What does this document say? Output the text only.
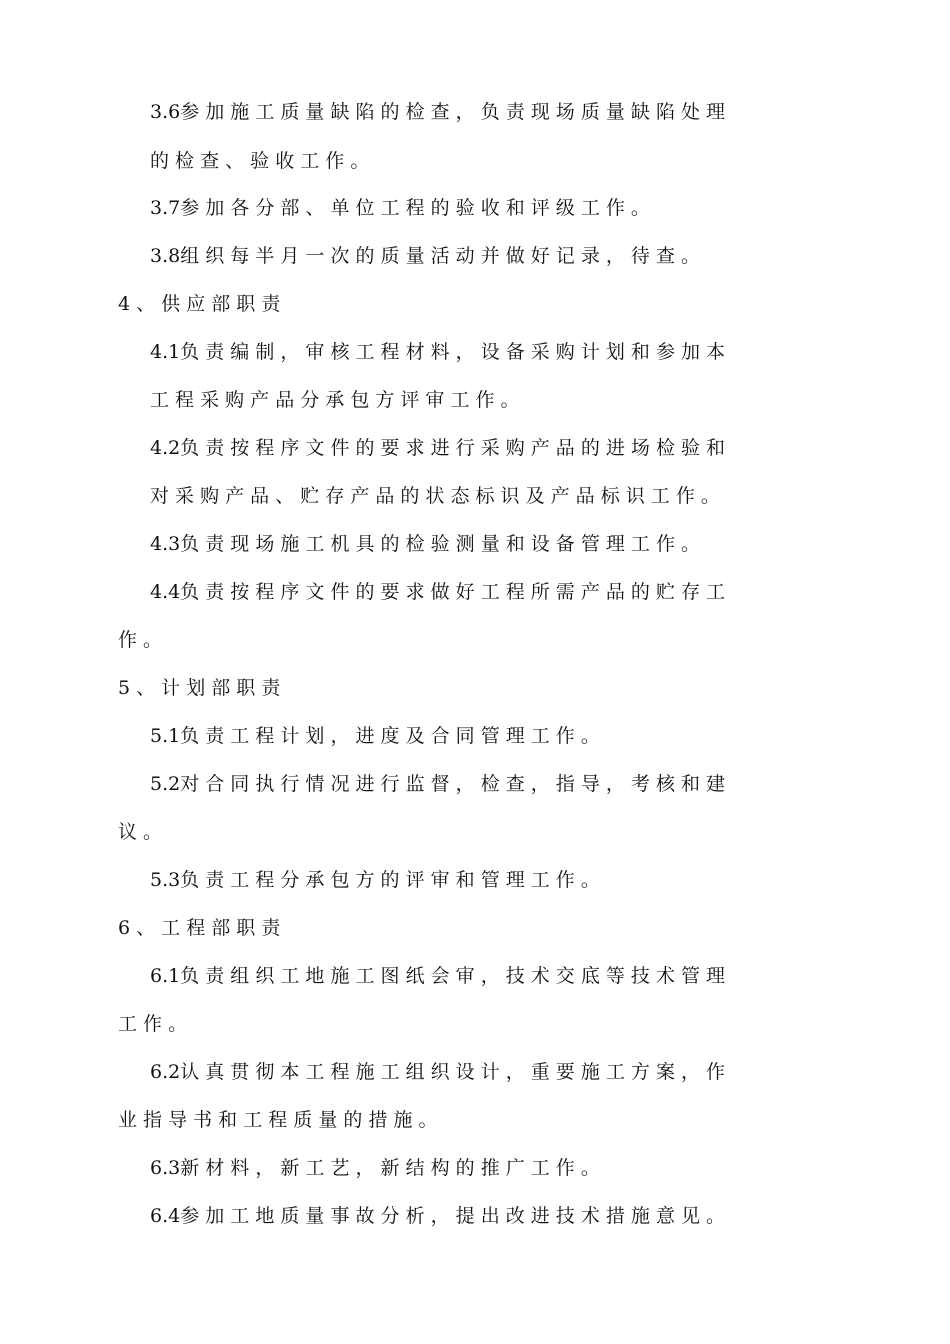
3.6参 加 施 工 质 量 缺 陷 的 检 查 ， 负 责 现 场 质 量 缺 陷 处 理
的 检 查 、 验 收 工 作 。
3.7参 加 各 分 部 、 单 位 工 程 的 验 收 和 评 级 工 作 。
3.8组 织 每 半 月 一 次 的 质 量 活 动 并 做 好 记 录 ， 待 查 。
4 、 供 应 部 职 责
4.1负 责 编 制 ， 审 核 工 程 材 料 ， 设 备 采 购 计 划 和 参 加 本
工 程 采 购 产 品 分 承 包 方 评 审 工 作 。
4.2负 责 按 程 序 文 件 的 要 求 进 行 采 购 产 品 的 进 场 检 验 和
对 采 购 产 品 、 贮 存 产 品 的 状 态 标 识 及 产 品 标 识 工 作 。
4.3负 责 现 场 施 工 机 具 的 检 验 测 量 和 设 备 管 理 工 作 。
4.4负 责 按 程 序 文 件 的 要 求 做 好 工 程 所 需 产 品 的 贮 存 工
作 。
5 、 计 划 部 职 责
5.1负 责 工 程 计 划 ， 进 度 及 合 同 管 理 工 作 。
5.2对 合 同 执 行 情 况 进 行 监 督 ， 检 查 ， 指 导 ， 考 核 和 建
议 。
5.3负 责 工 程 分 承 包 方 的 评 审 和 管 理 工 作 。
6 、 工 程 部 职 责
6.1负 责 组 织 工 地 施 工 图 纸 会 审 ， 技 术 交 底 等 技 术 管 理
工 作 。
6.2认 真 贯 彻 本 工 程 施 工 组 织 设 计 ， 重 要 施 工 方 案 ， 作
业 指 导 书 和 工 程 质 量 的 措 施 。
6.3新 材 料 ， 新 工 艺 ， 新 结 构 的 推 广 工 作 。
6.4参 加 工 地 质 量 事 故 分 析 ， 提 出 改 进 技 术 措 施 意 见 。
